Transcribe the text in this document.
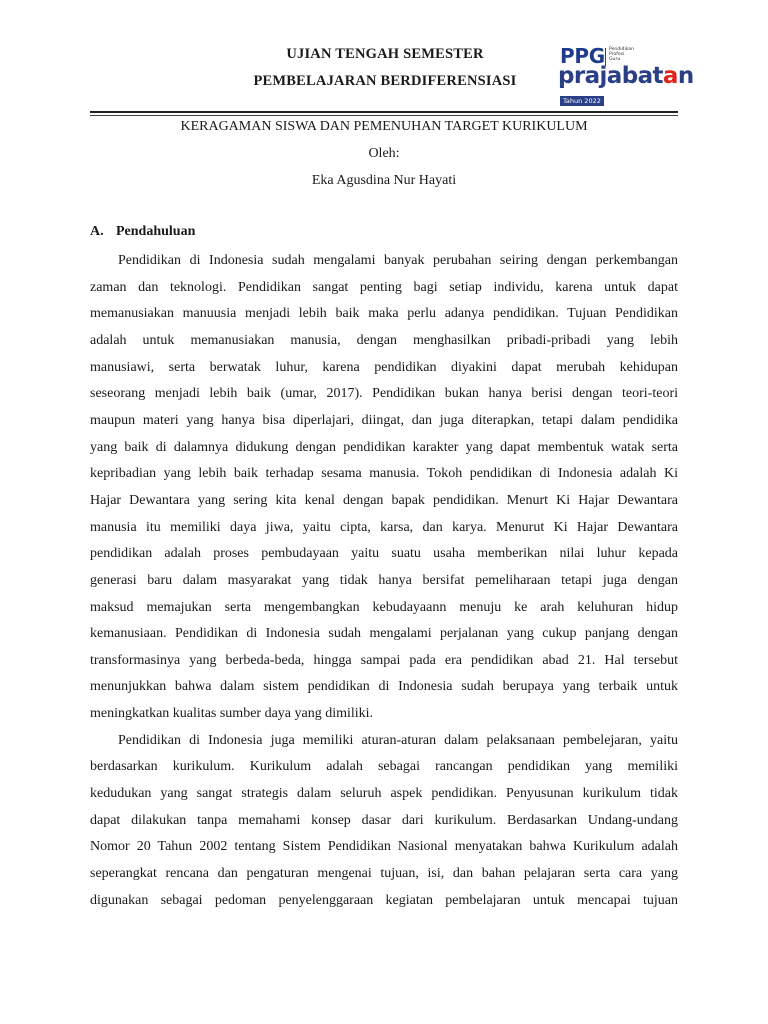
UJIAN TENGAH SEMESTER
PEMBELAJARAN BERDIFERENSIASI
PPG Pendidikan Profesi Guru
prajabatan
Tahun 2022
KERAGAMAN SISWA DAN PEMENUHAN TARGET KURIKULUM
Oleh:
Eka Agusdina Nur Hayati
A. Pendahuluan
Pendidikan di Indonesia sudah mengalami banyak perubahan seiring dengan perkembangan
zaman dan teknologi. Pendidikan sangat penting bagi setiap individu, karena untuk dapat
memanusiakan manuusia menjadi lebih baik maka perlu adanya pendidikan. Tujuan Pendidikan
adalah untuk memanusiakan manusia, dengan menghasilkan pribadi-pribadi yang lebih
manusiawi, serta berwatak luhur, karena pendidikan diyakini dapat merubah kehidupan
seseorang menjadi lebih baik (umar, 2017). Pendidikan bukan hanya berisi dengan teori-teori
maupun materi yang hanya bisa diperlajari, diingat, dan juga diterapkan, tetapi dalam pendidika
yang baik di dalamnya didukung dengan pendidikan karakter yang dapat membentuk watak serta
kepribadian yang lebih baik terhadap sesama manusia. Tokoh pendidikan di Indonesia adalah Ki
Hajar Dewantara yang sering kita kenal dengan bapak pendidikan. Menurt Ki Hajar Dewantara
manusia itu memiliki daya jiwa, yaitu cipta, karsa, dan karya. Menurut Ki Hajar Dewantara
pendidikan adalah proses pembudayaan yaitu suatu usaha memberikan nilai luhur kepada
generasi baru dalam masyarakat yang tidak hanya bersifat pemeliharaan tetapi juga dengan
maksud memajukan serta mengembangkan kebudayaann menuju ke arah keluhuran hidup
kemanusiaan. Pendidikan di Indonesia sudah mengalami perjalanan yang cukup panjang dengan
transformasinya yang berbeda-beda, hingga sampai pada era pendidikan abad 21. Hal tersebut
menunjukkan bahwa dalam sistem pendidikan di Indonesia sudah berupaya yang terbaik untuk
meningkatkan kualitas sumber daya yang dimiliki.
Pendidikan di Indonesia juga memiliki aturan-aturan dalam pelaksanaan pembelejaran, yaitu
berdasarkan kurikulum. Kurikulum adalah sebagai rancangan pendidikan yang memiliki
kedudukan yang sangat strategis dalam seluruh aspek pendidikan. Penyusunan kurikulum tidak
dapat dilakukan tanpa memahami konsep dasar dari kurikulum. Berdasarkan Undang-undang
Nomor 20 Tahun 2002 tentang Sistem Pendidikan Nasional menyatakan bahwa Kurikulum adalah
seperangkat rencana dan pengaturan mengenai tujuan, isi, dan bahan pelajaran serta cara yang
digunakan sebagai pedoman penyelenggaraan kegiatan pembelajaran untuk mencapai tujuan
